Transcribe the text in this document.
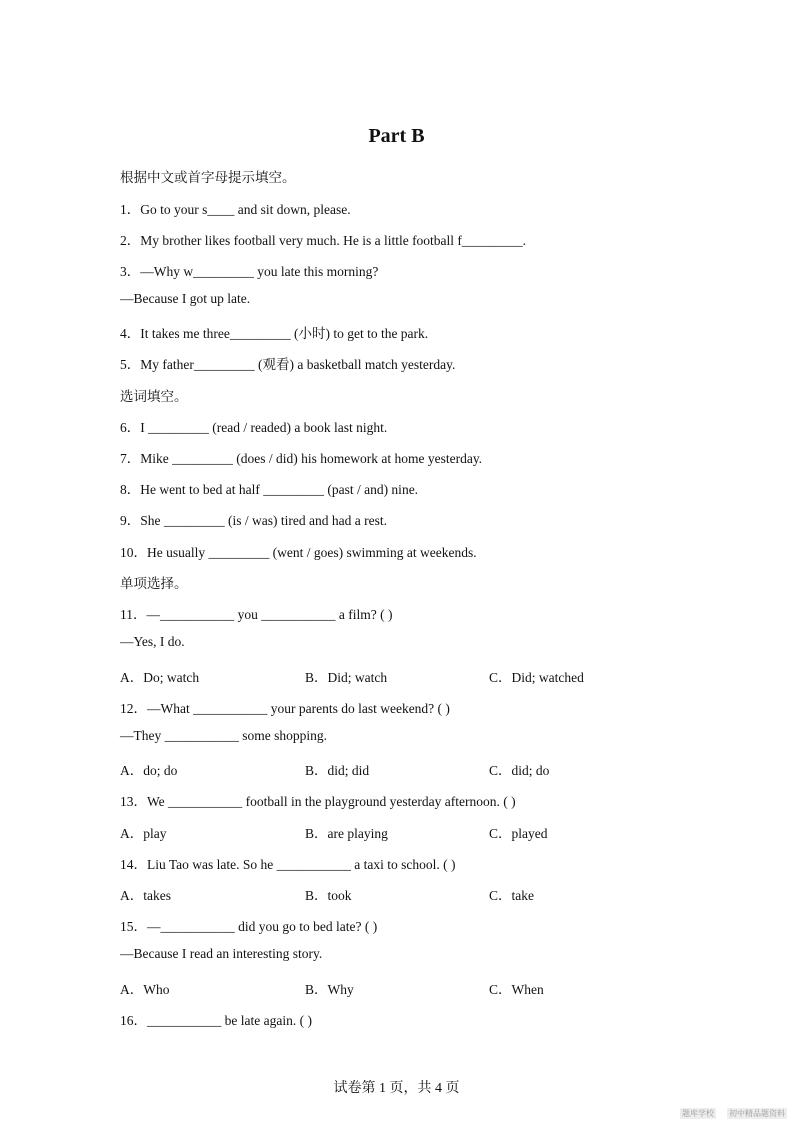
Part B
根据中文或首字母提示填空。
1．Go to your s____ and sit down, please.
2．My brother likes football very much. He is a little football f_________.
3．—Why w_________ you late this morning?
—Because I got up late.
4．It takes me three_________ (小时) to get to the park.
5．My father_________ (观看) a basketball match yesterday.
选词填空。
6．I _________ (read / readed) a book last night.
7．Mike _________ (does / did) his homework at home yesterday.
8．He went to bed at half _________ (past / and) nine.
9．She _________ (is / was) tired and had a rest.
10．He usually _________ (went / goes) swimming at weekends.
单项选择。
11．—___________ you ___________ a film? ( )
—Yes, I do.
12．—What ___________ your parents do last weekend? ( )
—They ___________ some shopping.
13．We ___________ football in the playground yesterday afternoon. ( )
14．Liu Tao was late. So he ___________ a taxi to school. ( )
15．—___________ did you go to bed late? ( )
—Because I read an interesting story.
16．___________ be late again. ( )
A．Do; watch	B．Did; watch	C．Did; watched
A．do; do	B．did; did	C．did; do
A．play	B．are playing	C．played
A．takes	B．took	C．take
A．Who	B．Why	C．When
试卷第 1 页，共 4 页
题库学校 初中精品题资料
